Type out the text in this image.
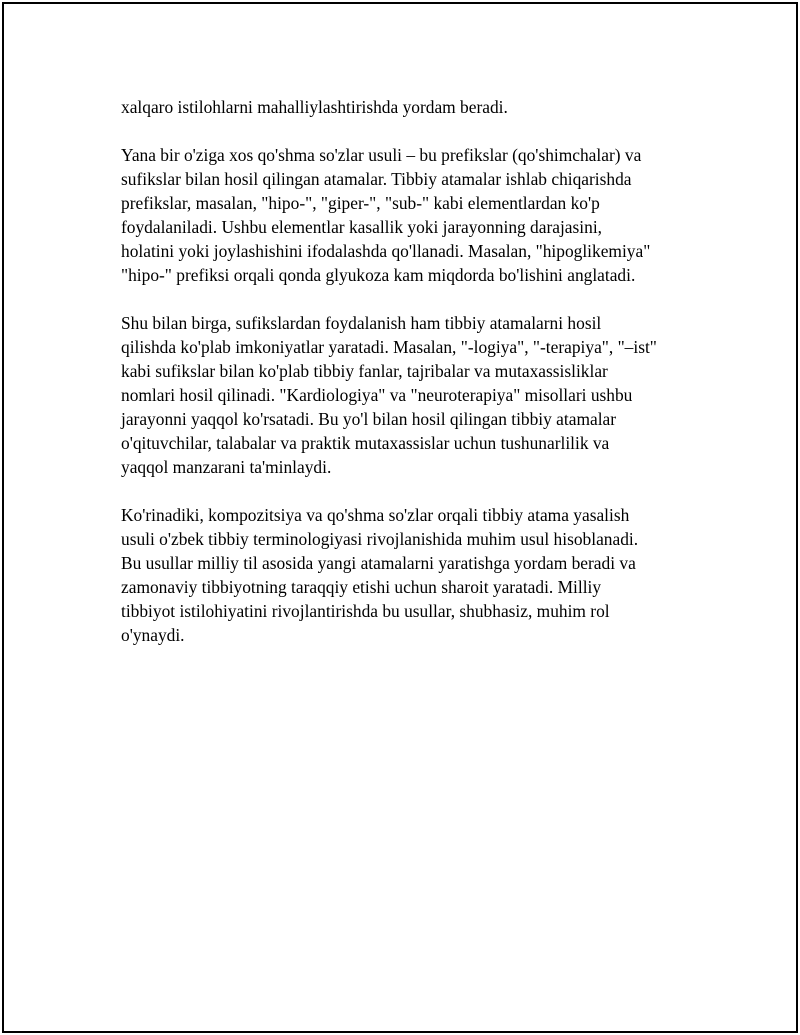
xalqaro istilohlarni mahalliylashtirishda yordam beradi.

Yana bir o'ziga xos qo'shma so'zlar usuli – bu prefikslar (qo'shimchalar) va
sufikslar bilan hosil qilingan atamalar. Tibbiy atamalar ishlab chiqarishda
prefikslar, masalan, "hipo-", "giper-", "sub-" kabi elementlardan ko'p
foydalaniladi. Ushbu elementlar kasallik yoki jarayonning darajasini,
holatini yoki joylashishini ifodalashda qo'llanadi. Masalan, "hipoglikemiya"
"hipo-" prefiksi orqali qonda glyukoza kam miqdorda bo'lishini anglatadi.

Shu bilan birga, sufikslardan foydalanish ham tibbiy atamalarni hosil
qilishda ko'plab imkoniyatlar yaratadi. Masalan, "-logiya", "-terapiya", "–ist"
kabi sufikslar bilan ko'plab tibbiy fanlar, tajribalar va mutaxassisliklar
nomlari hosil qilinadi. "Kardiologiya" va "neuroterapiya" misollari ushbu
jarayonni yaqqol ko'rsatadi. Bu yo'l bilan hosil qilingan tibbiy atamalar
o'qituvchilar, talabalar va praktik mutaxassislar uchun tushunarlilik va
yaqqol manzarani ta'minlaydi.

Ko'rinadiki, kompozitsiya va qo'shma so'zlar orqali tibbiy atama yasalish
usuli o'zbek tibbiy terminologiyasi rivojlanishida muhim usul hisoblanadi.
Bu usullar milliy til asosida yangi atamalarni yaratishga yordam beradi va
zamonaviy tibbiyotning taraqqiy etishi uchun sharoit yaratadi. Milliy
tibbiyot istilohiyatini rivojlantirishda bu usullar, shubhasiz, muhim rol
o'ynaydi.
